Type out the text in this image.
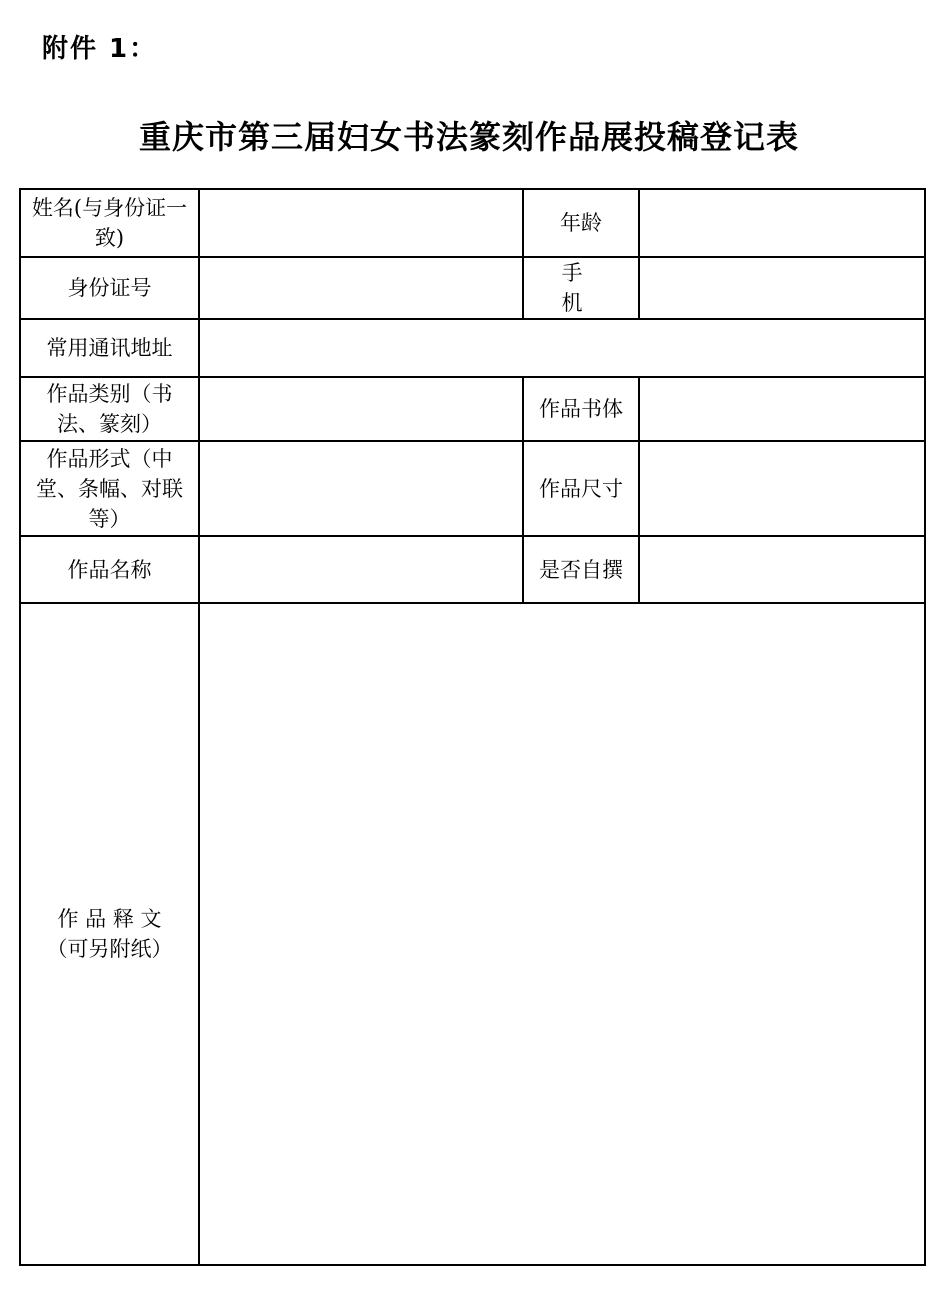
附件 1：
重庆市第三届妇女书法篆刻作品展投稿登记表
姓名(与身份证一致)		年龄	
身份证号		手 机	
常用通讯地址			
作品类别（书法、篆刻）		作品书体	
作品形式（中堂、条幅、对联等）		作品尺寸	
作品名称		是否自撰	

作 品 释 文
（可另附纸）			
